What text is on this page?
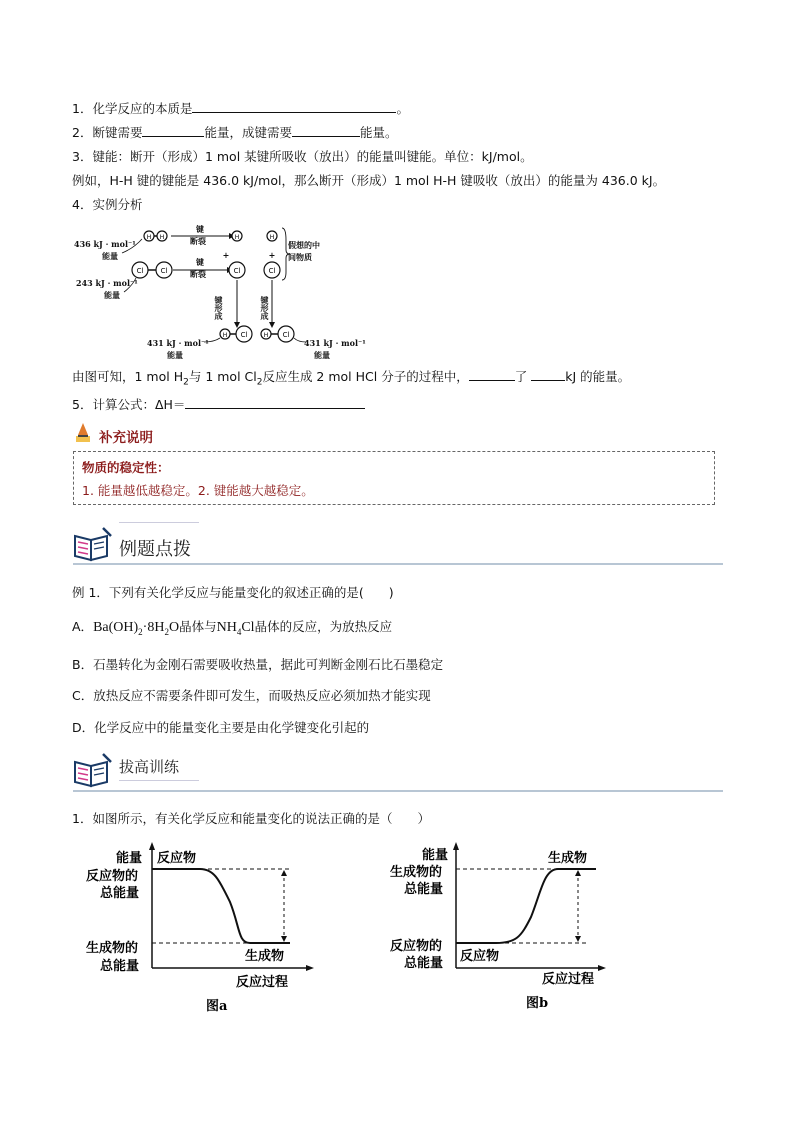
1．化学反应的本质是	。
2．断键需要	能量，成键需要	能量。
3．键能：断开（形成）1 mol 某键所吸收（放出）的能量叫键能。单位：kJ/mol。
例如，H-H 键的键能是 436.0 kJ/mol，那么断开（形成）1 mol H-H 键吸收（放出）的能量为 436.0 kJ。
4．实例分析
436 kJ · mol⁻¹
能量
243 kJ · mol⁻¹
能量
键
断裂
键
断裂
假想的中
间物质
431 kJ · mol⁻¹
能量
431 kJ · mol⁻¹
能量
+	+
键形成	键形成
H H
Cl Cl
H
Cl
H
Cl
H Cl	H Cl
由图可知，1 mol $H_2$与 1 mol $Cl_2$反应生成 2 mol HCl 分子的过程中，	了	kJ 的能量。
5．计算公式：ΔH＝
补充说明
物质的稳定性：
1. 能量越低越稳定。2. 键能越大越稳定。
例题点拨
例 1．下列有关化学反应与能量变化的叙述正确的是(　　)
A．$Ba(OH)_2\cdot 8H_2O$晶体与$NH_4Cl$晶体的反应，为放热反应
B．石墨转化为金刚石需要吸收热量，据此可判断金刚石比石墨稳定
C．放热反应不需要条件即可发生，而吸热反应必须加热才能实现
D．化学反应中的能量变化主要是由化学键变化引起的
拔高训练
1．如图所示，有关化学反应和能量变化的说法正确的是（　　）
能量
反应物的
总能量
生成物的
总能量
反应物
生成物
反应过程
图a
能量
生成物的
总能量
反应物的
总能量
生成物
反应物
反应过程
图b
